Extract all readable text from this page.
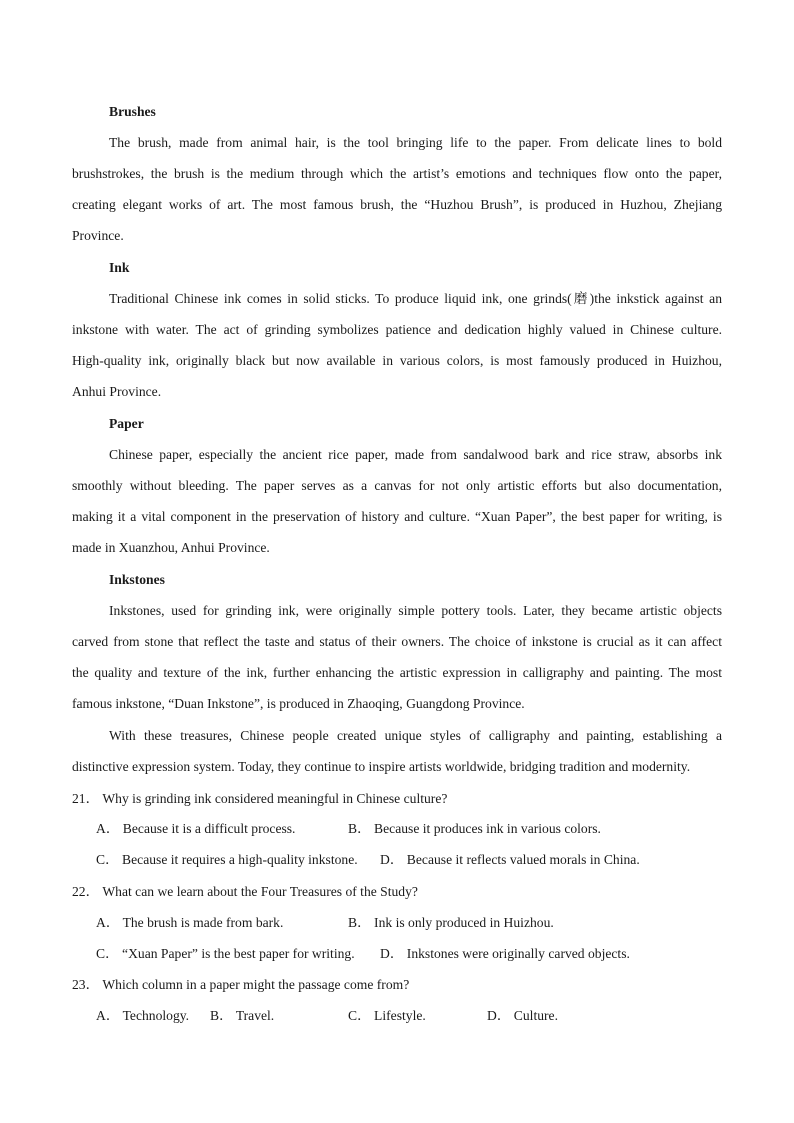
Brushes
The brush, made from animal hair, is the tool bringing life to the paper. From delicate lines to bold
brushstrokes, the brush is the medium through which the artist’s emotions and techniques flow onto the paper,
creating elegant works of art. The most famous brush, the “Huzhou Brush”, is produced in Huzhou, Zhejiang
Province.
Ink
Traditional Chinese ink comes in solid sticks. To produce liquid ink, one grinds(磨)the inkstick against an
inkstone with water. The act of grinding symbolizes patience and dedication highly valued in Chinese culture.
High-quality ink, originally black but now available in various colors, is most famously produced in Huizhou,
Anhui Province.
Paper
Chinese paper, especially the ancient rice paper, made from sandalwood bark and rice straw, absorbs ink
smoothly without bleeding. The paper serves as a canvas for not only artistic efforts but also documentation,
making it a vital component in the preservation of history and culture. “Xuan Paper”, the best paper for writing, is
made in Xuanzhou, Anhui Province.
Inkstones
Inkstones, used for grinding ink, were originally simple pottery tools. Later, they became artistic objects
carved from stone that reflect the taste and status of their owners. The choice of inkstone is crucial as it can affect
the quality and texture of the ink, further enhancing the artistic expression in calligraphy and painting. The most
famous inkstone, “Duan Inkstone”, is produced in Zhaoqing, Guangdong Province.
With these treasures, Chinese people created unique styles of calligraphy and painting, establishing a
distinctive expression system. Today, they continue to inspire artists worldwide, bridging tradition and modernity.
21． Why is grinding ink considered meaningful in Chinese culture?
A． Because it is a difficult process.	B． Because it produces ink in various colors.
C． Because it requires a high-quality inkstone. D． Because it reflects valued morals in China.
22． What can we learn about the Four Treasures of the Study?
A． The brush is made from bark.	B． Ink is only produced in Huizhou.
C． “Xuan Paper” is the best paper for writing. D． Inkstones were originally carved objects.
23． Which column in a paper might the passage come from?
A． Technology. B． Travel.	C． Lifestyle.	D． Culture.
